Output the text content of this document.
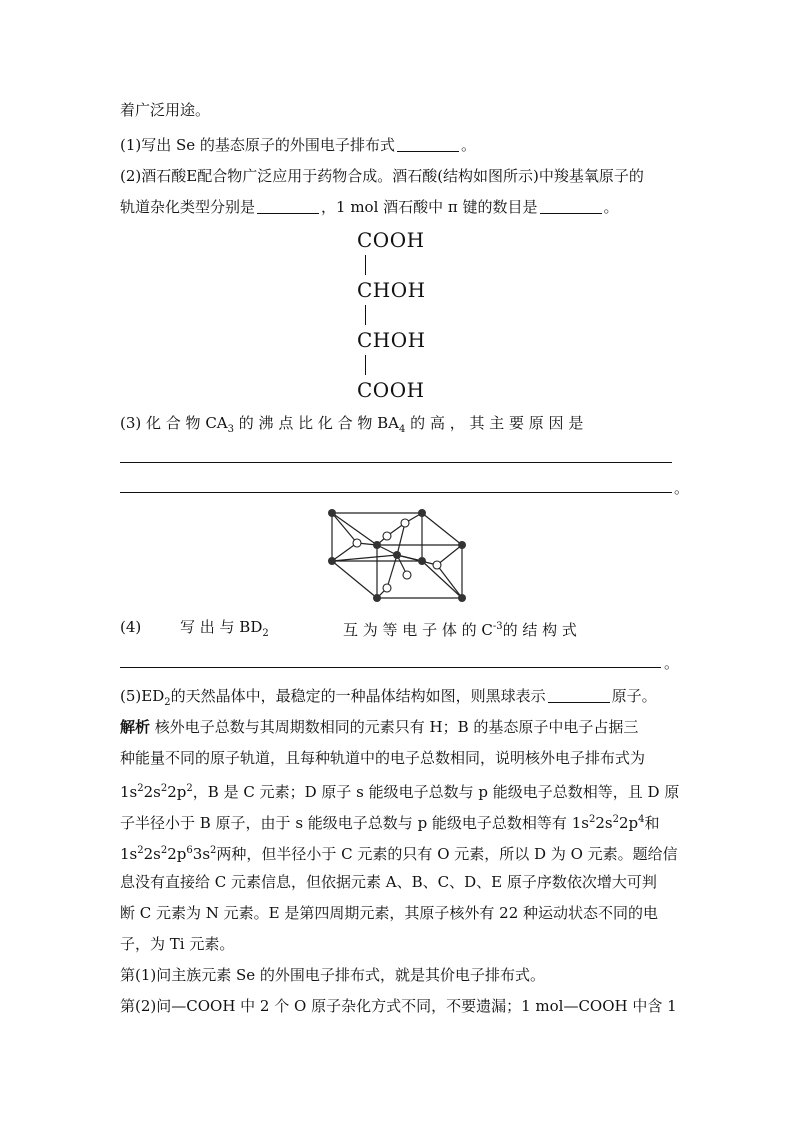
着广泛用途。
(1)写出 Se 的基态原子的外围电子排布式	。
(2)酒石酸E配合物广泛应用于药物合成。酒石酸(结构如图所示)中羧基氧原子的
轨道杂化类型分别是	，1 mol 酒石酸中 π 键的数目是	。
COOH
CHOH
CHOH
COOH
(3) 化 合 物 $CA_3$ 的 沸 点 比 化 合 物 $BA_4$ 的 高 ， 其 主 要 原 因 是
。
(4)	写 出 与 $BD_2$	互 为 等 电 子 体 的 $C^{-3}$的 结 构 式
。
$(5)ED_2$的天然晶体中，最稳定的一种晶体结构如图，则黑球表示	原子。
解析 核外电子总数与其周期数相同的元素只有 H；B 的基态原子中电子占据三
种能量不同的原子轨道，且每种轨道中的电子总数相同，说明核外电子排布式为
$1s^22s^22p^2$，B 是 C 元素；D 原子 s 能级电子总数与 p 能级电子总数相等，且 D 原
子半径小于 B 原子，由于 s 能级电子总数与 p 能级电子总数相等有 $1s^22s^22p^4$和
$1s^22s^22p^63s^2$两种，但半径小于 C 元素的只有 O 元素，所以 D 为 O 元素。题给信
息没有直接给 C 元素信息，但依据元素 A、B、C、D、E 原子序数依次增大可判
断 C 元素为 N 元素。E 是第四周期元素，其原子核外有 22 种运动状态不同的电
子，为 Ti 元素。
第(1)问主族元素 Se 的外围电子排布式，就是其价电子排布式。
第(2)问—COOH 中 2 个 O 原子杂化方式不同，不要遗漏；1 mol—COOH 中含 1
